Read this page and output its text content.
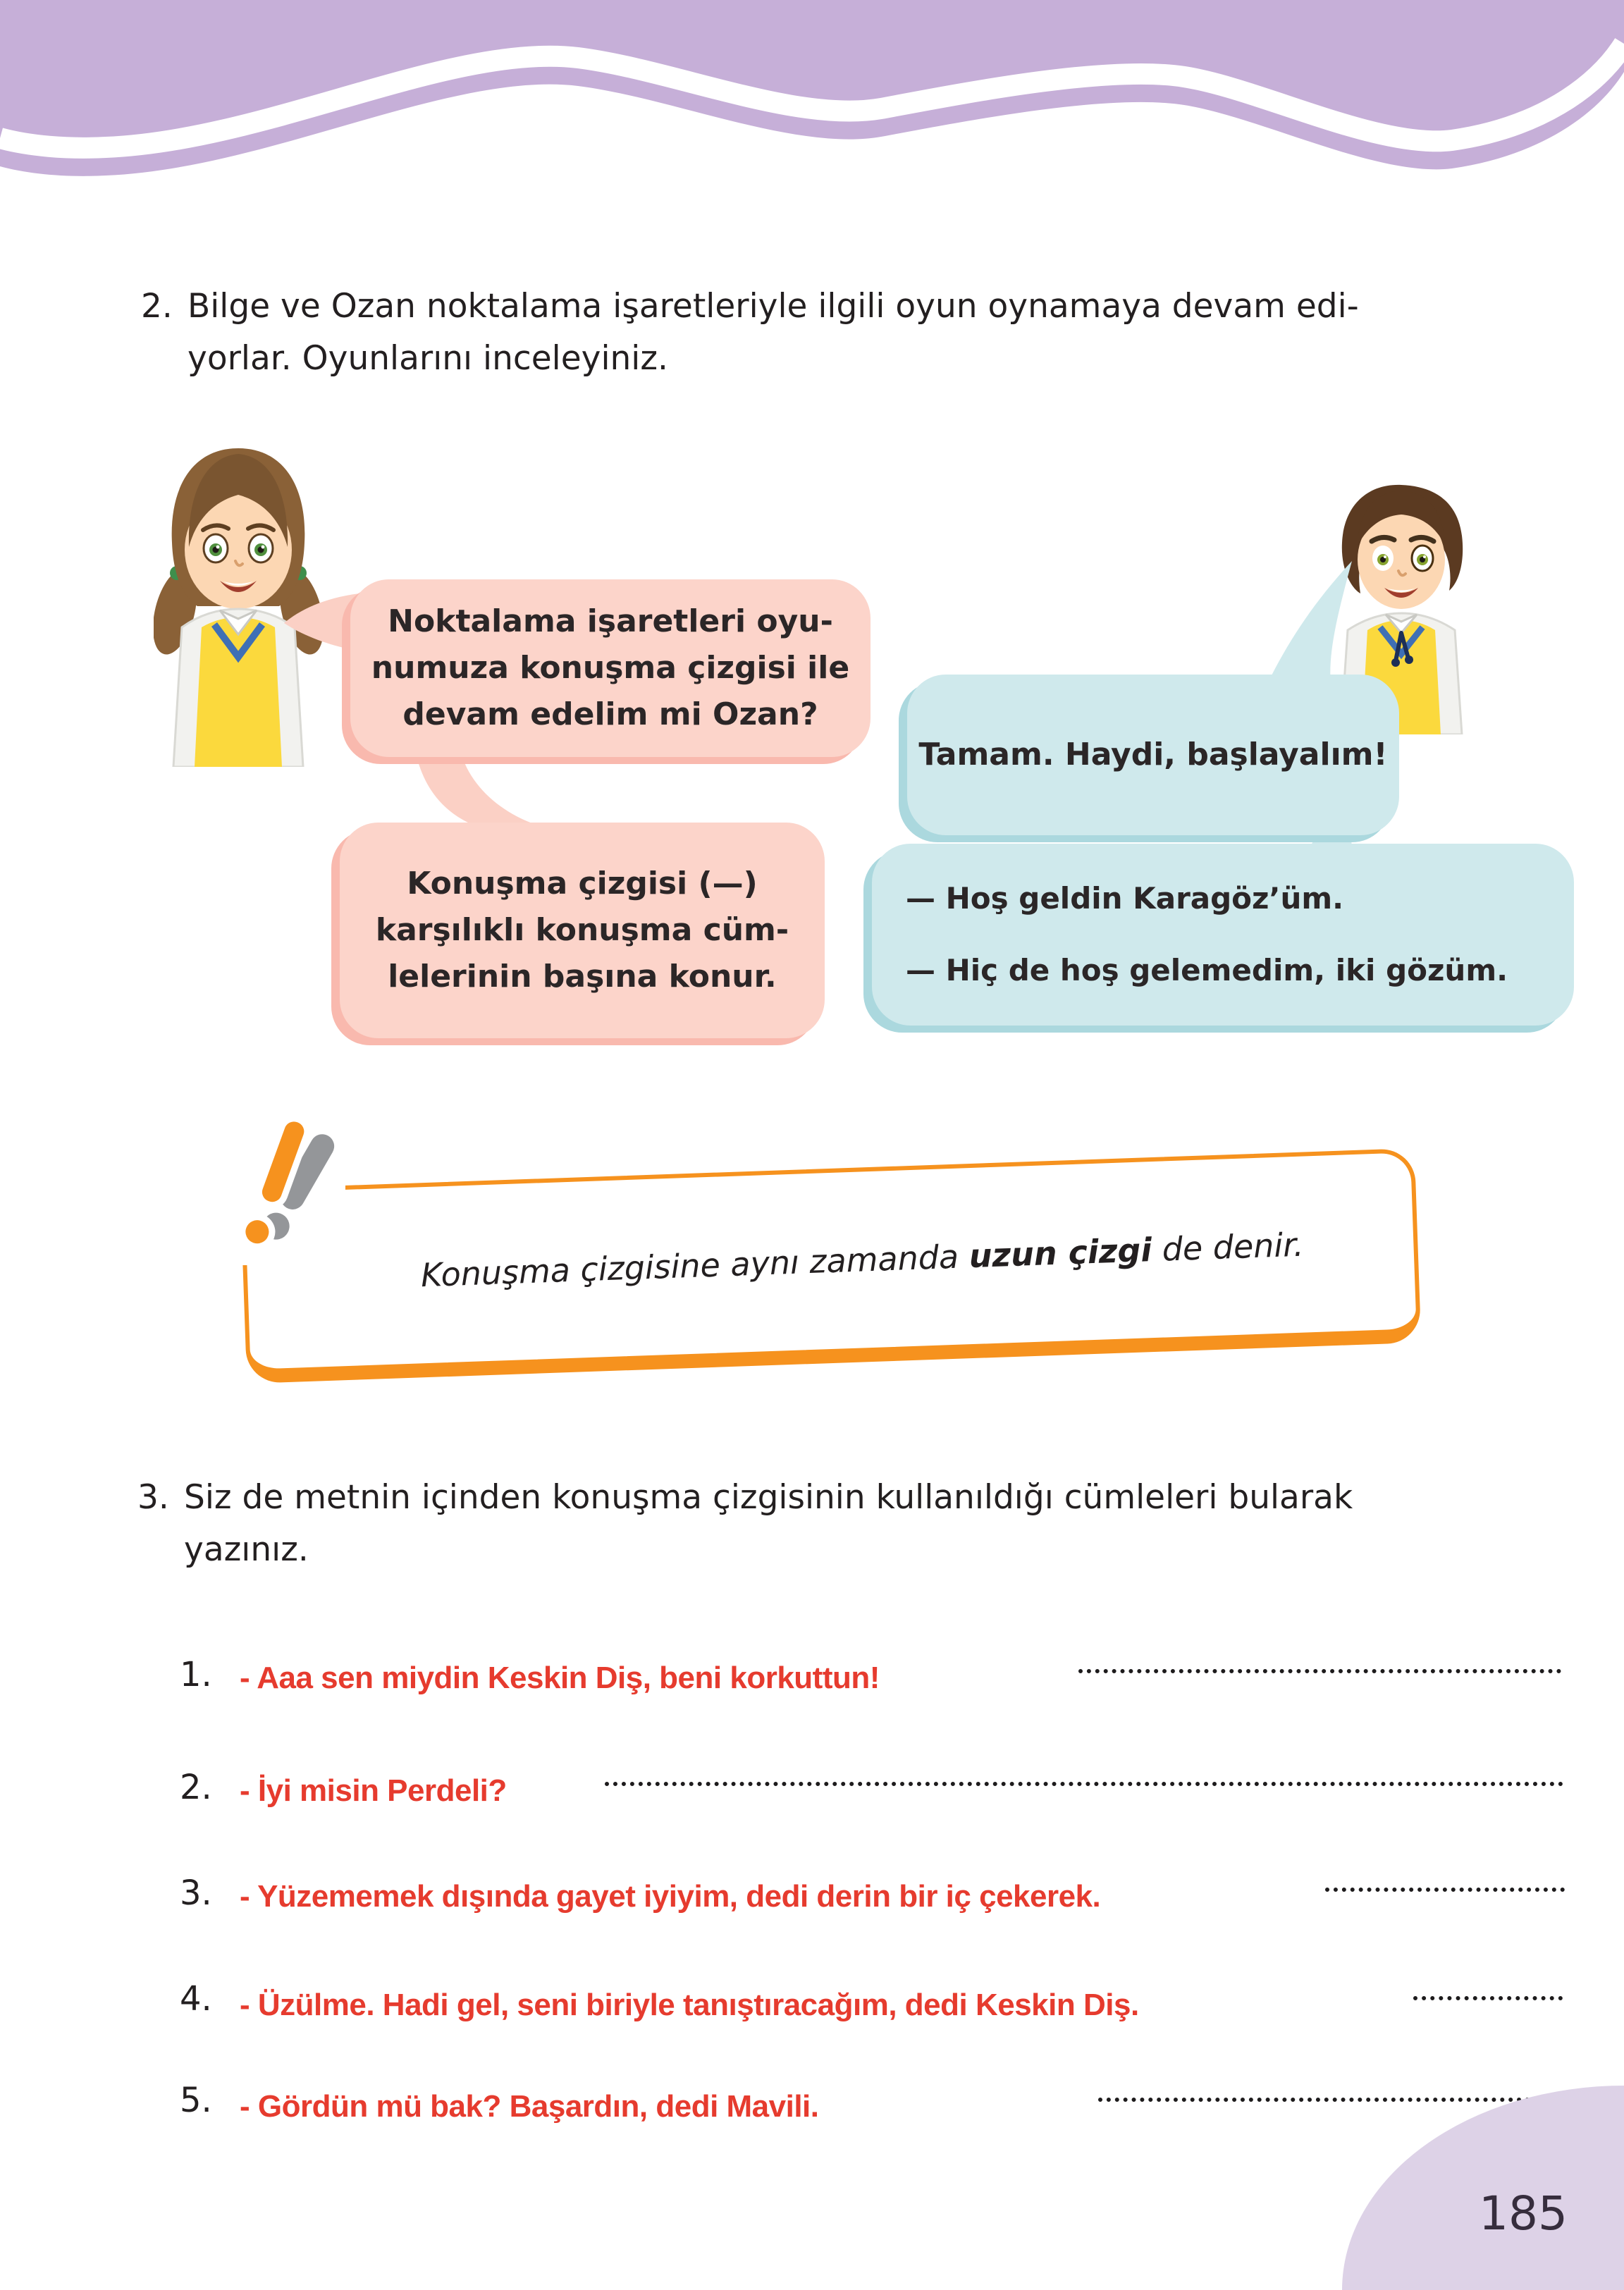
2. Bilge ve Ozan noktalama işaretleriyle ilgili oyun oynamaya devam edi-
yorlar. Oyunlarını inceleyiniz.
Noktalama işaretleri oyu-
numuza konuşma çizgisi ile
devam edelim mi Ozan?
Tamam. Haydi, başlayalım!
Konuşma çizgisi (—)
karşılıklı konuşma cüm-
lelerinin başına konur.
— Hoş geldin Karagöz’üm.
— Hiç de hoş gelemedim, iki gözüm.
Konuşma çizgisine aynı zamanda uzun çizgi de denir.
3. Siz de metnin içinden konuşma çizgisinin kullanıldığı cümleleri bularak
yazınız.
1. - Aaa sen miydin Keskin Diş, beni korkuttun!
2. - İyi misin Perdeli?
3. - Yüzememek dışında gayet iyiyim, dedi derin bir iç çekerek.
4. - Üzülme. Hadi gel, seni biriyle tanıştıracağım, dedi Keskin Diş.
5. - Gördün mü bak? Başardın, dedi Mavili.
185
